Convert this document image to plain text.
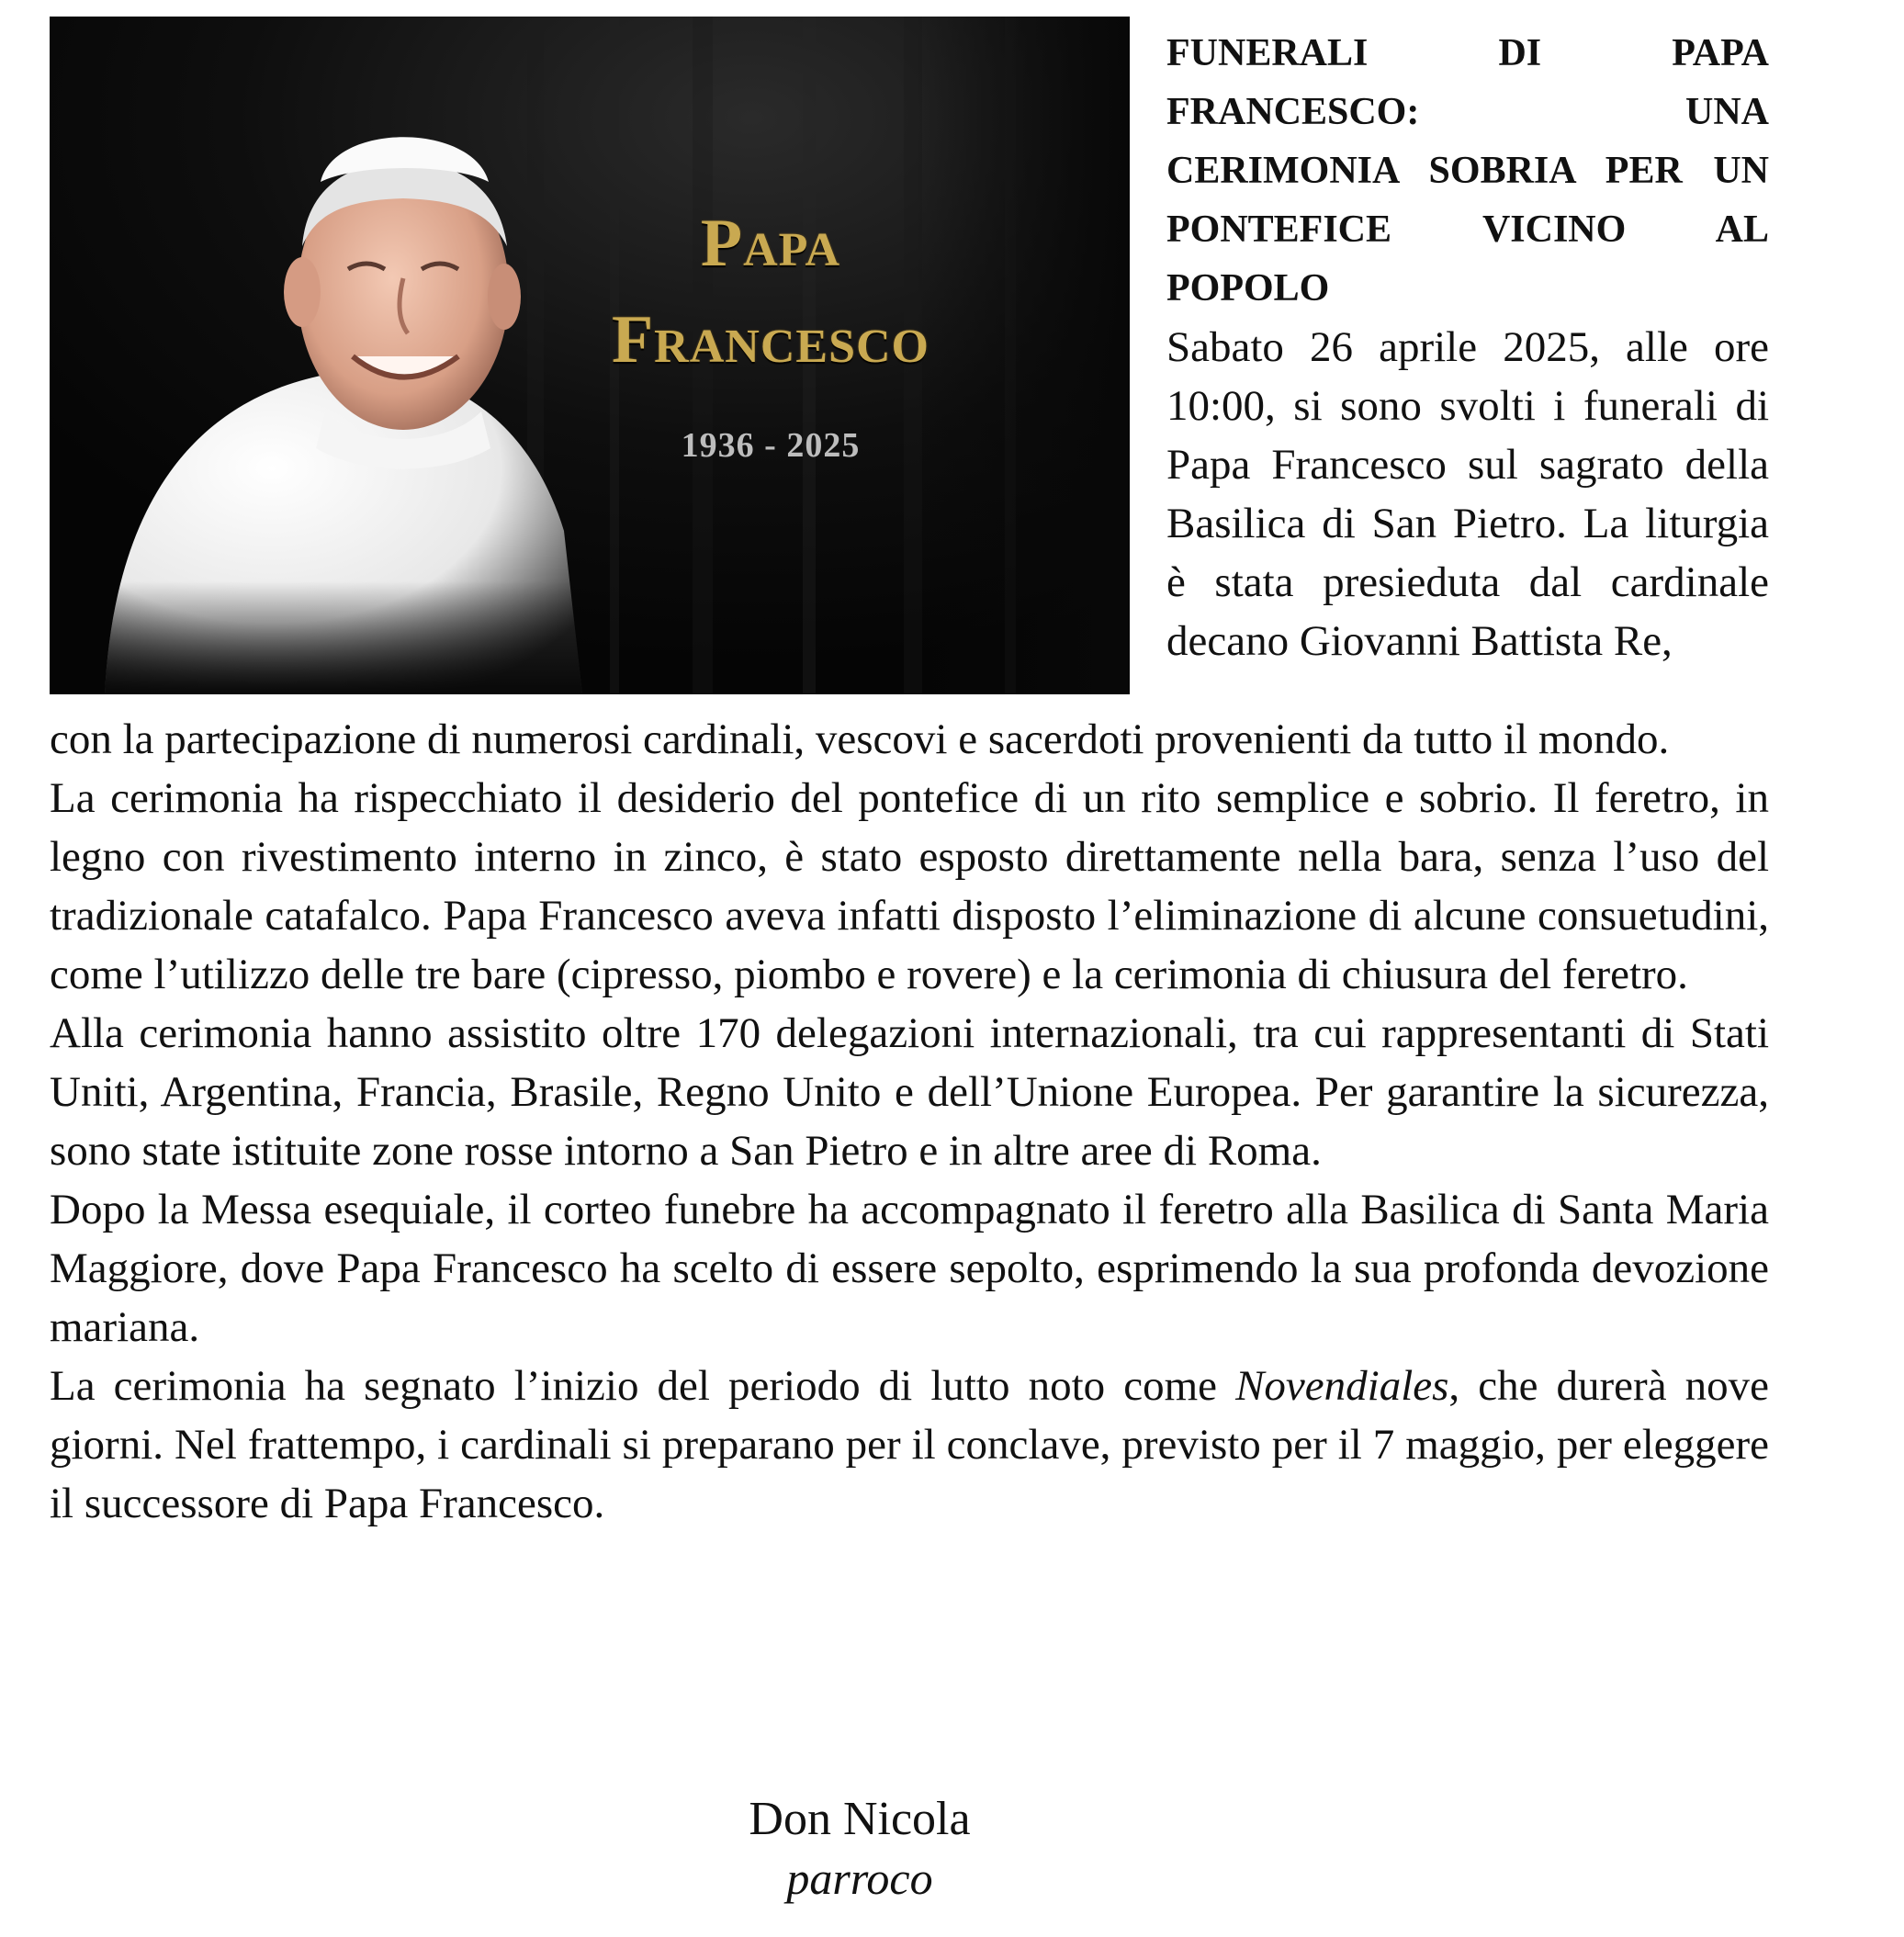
Papa
Francesco
1936 - 2025
FUNERALI DI PAPA
FRANCESCO: UNA
CERIMONIA SOBRIA PER UN
PONTEFICE VICINO AL
POPOLO

Sabato 26 aprile 2025, alle ore 10:00, si sono svolti i funerali di Papa Francesco sul sagrato della Basilica di San Pietro. La liturgia è stata presieduta dal cardinale decano Giovanni Battista Re,

con la partecipazione di numerosi cardinali, vescovi e sacerdoti provenienti da tutto il mondo.

La cerimonia ha rispecchiato il desiderio del pontefice di un rito semplice e sobrio. Il feretro, in legno con rivestimento interno in zinco, è stato esposto direttamente nella bara, senza l’uso del tradizionale catafalco. Papa Francesco aveva infatti disposto l’eliminazione di alcune consuetudini, come l’utilizzo delle tre bare (cipresso, piombo e rovere) e la cerimonia di chiusura del feretro.

Alla cerimonia hanno assistito oltre 170 delegazioni internazionali, tra cui rappresentanti di Stati Uniti, Argentina, Francia, Brasile, Regno Unito e dell’Unione Europea. Per garantire la sicurezza, sono state istituite zone rosse intorno a San Pietro e in altre aree di Roma.

Dopo la Messa esequiale, il corteo funebre ha accompagnato il feretro alla Basilica di Santa Maria Maggiore, dove Papa Francesco ha scelto di essere sepolto, esprimendo la sua profonda devozione mariana.

La cerimonia ha segnato l’inizio del periodo di lutto noto come Novendiales, che durerà nove giorni. Nel frattempo, i cardinali si preparano per il conclave, previsto per il 7 maggio, per eleggere il successore di Papa Francesco.

Don Nicola
parroco
